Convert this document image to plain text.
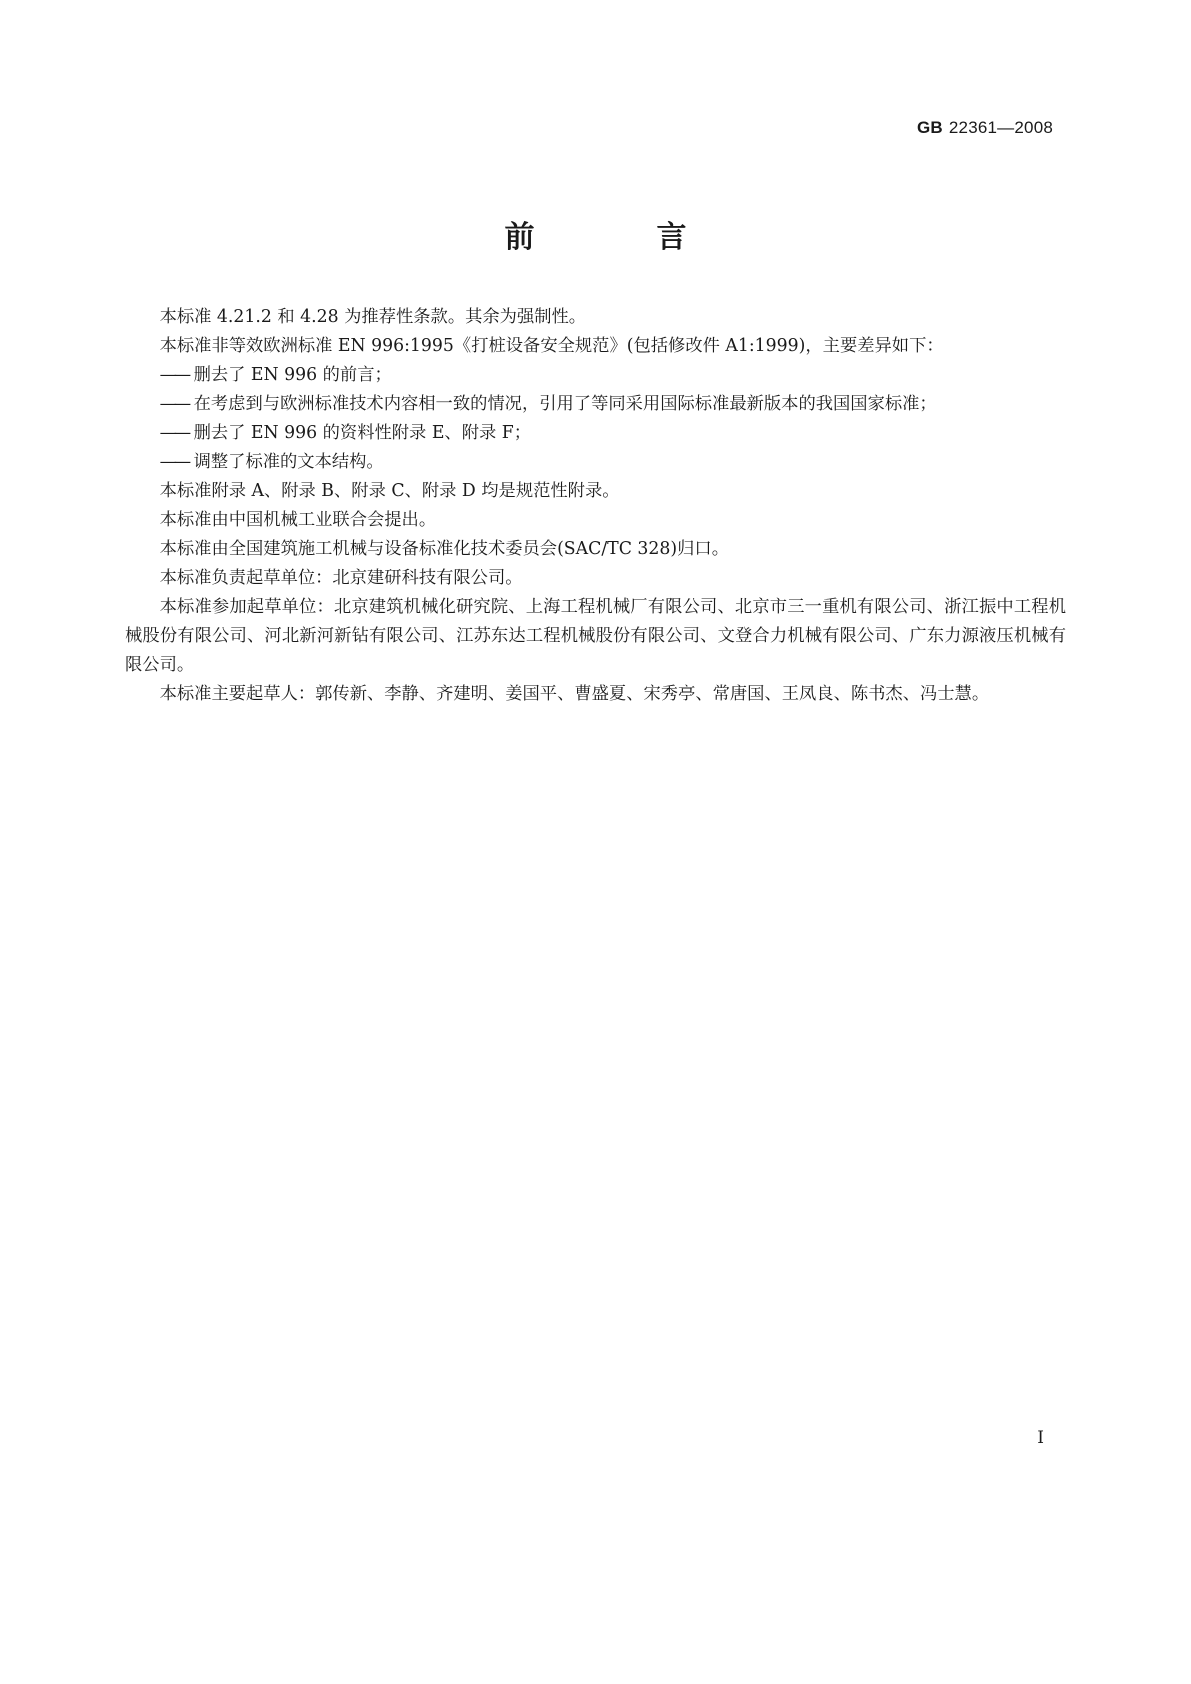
GB 22361—2008
前　言

本标准 4.21.2 和 4.28 为推荐性条款。其余为强制性。

本标准非等效欧洲标准 EN 996:1995《打桩设备安全规范》(包括修改件 A1:1999)，主要差异如下：

—— 删去了 EN 996 的前言；

—— 在考虑到与欧洲标准技术内容相一致的情况，引用了等同采用国际标准最新版本的我国国家标准；

—— 删去了 EN 996 的资料性附录 E、附录 F；

—— 调整了标准的文本结构。

本标准附录 A、附录 B、附录 C、附录 D 均是规范性附录。

本标准由中国机械工业联合会提出。

本标准由全国建筑施工机械与设备标准化技术委员会(SAC/TC 328)归口。

本标准负责起草单位：北京建研科技有限公司。

本标准参加起草单位：北京建筑机械化研究院、上海工程机械厂有限公司、北京市三一重机有限公司、浙江振中工程机械股份有限公司、河北新河新钻有限公司、江苏东达工程机械股份有限公司、文登合力机械有限公司、广东力源液压机械有限公司。

本标准主要起草人：郭传新、李静、齐建明、姜国平、曹盛夏、宋秀亭、常唐国、王凤良、陈书杰、冯士慧。

I
